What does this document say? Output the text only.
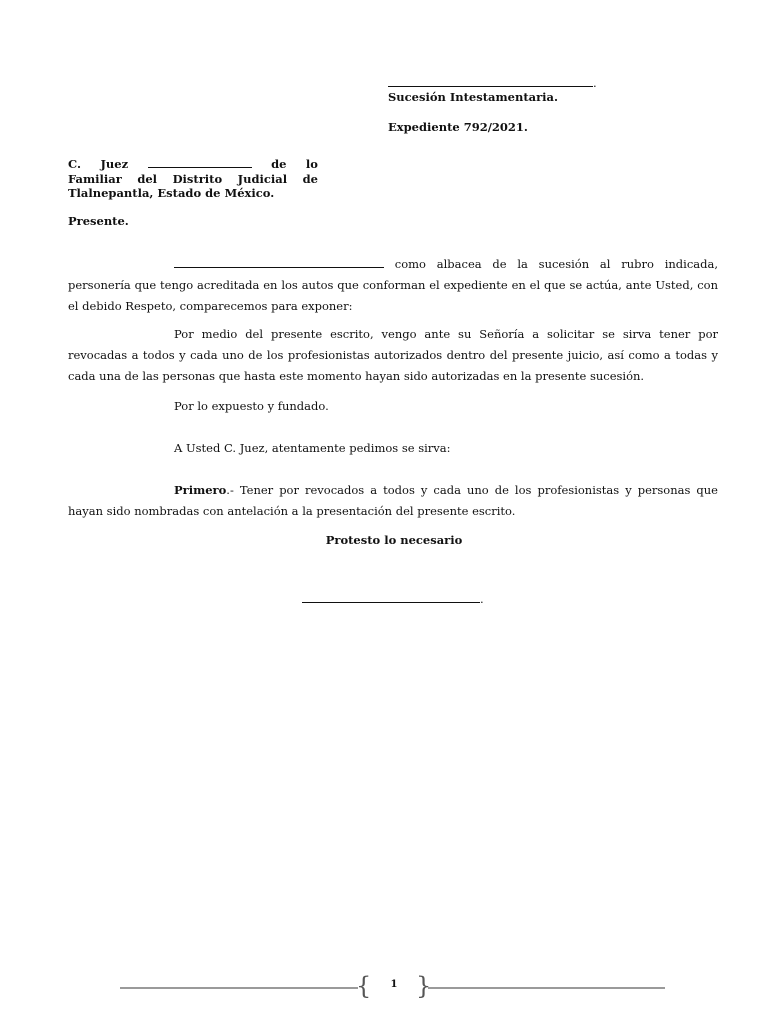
.
Sucesión Intestamentaria.
Expediente 792/2021.
C. Juez	de lo
Familiar del Distrito Judicial de
Tlalnepantla, Estado de México.
Presente.
como albacea de la sucesión al rubro indicada, personería que tengo acreditada en los autos que conforman el expediente en el que se actúa, ante Usted, con el debido Respeto, comparecemos para exponer:
Por medio del presente escrito, vengo ante su Señoría a solicitar se sirva tener por revocadas a todos y cada uno de los profesionistas autorizados dentro del presente juicio, así como a todas y cada una de las personas que hasta este momento hayan sido autorizadas en la presente sucesión.
Por lo expuesto y fundado.
A Usted C. Juez, atentamente pedimos se sirva:
Primero.- Tener por revocados a todos y cada uno de los profesionistas y personas que hayan sido nombradas con antelación a la presentación del presente escrito.
Protesto lo necesario
.
{	1 }
